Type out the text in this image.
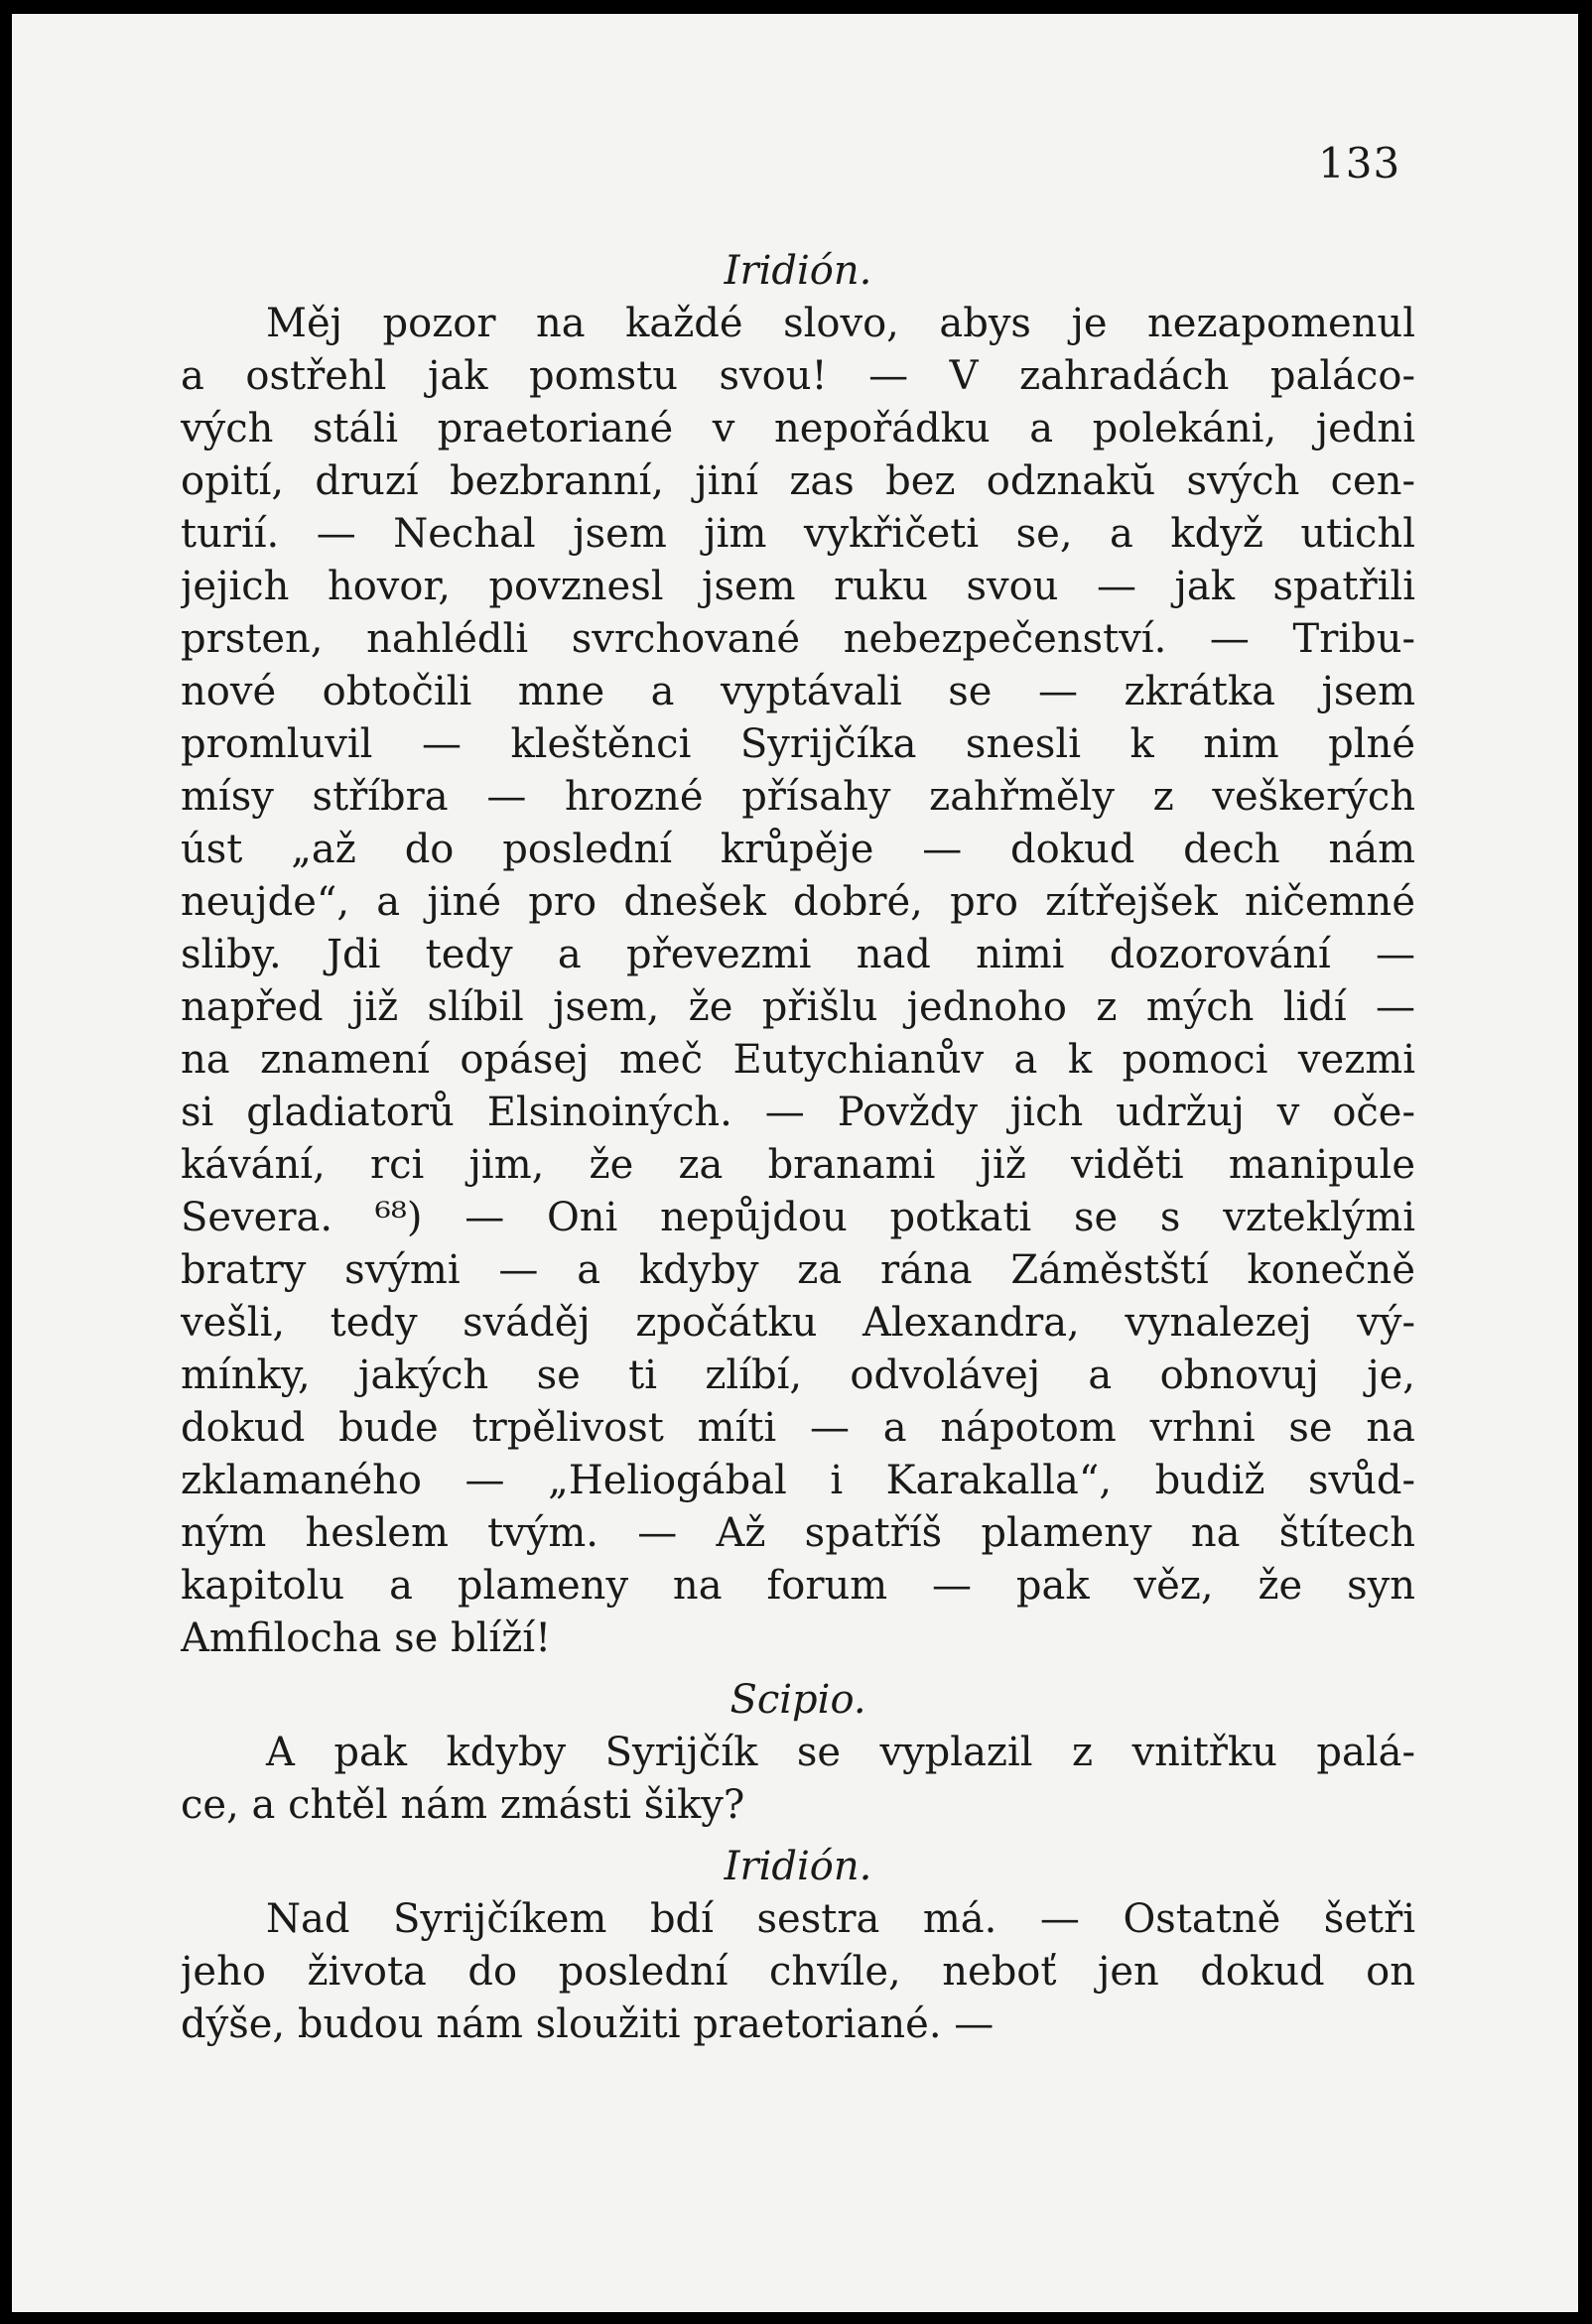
133

Iridión.

Měj pozor na každé slovo, abys je nezapomenul
a ostřehl jak pomstu svou! — V zahradách paláco-
vých stáli praetoriané v nepořádku a polekáni, jedni
opití, druzí bezbranní, jiní zas bez odznakŭ svých cen-
turií. — Nechal jsem jim vykřičeti se, a když utichl
jejich hovor, povznesl jsem ruku svou — jak spatřili
prsten, nahlédli svrchované nebezpečenství. — Tribu-
nové obtočili mne a vyptávali se — zkrátka jsem
promluvil — kleštěnci Syrijčíka snesli k nim plné
mísy stříbra — hrozné přísahy zahřměly z veškerých
úst „až do poslední krůpěje — dokud dech nám
neujde“, a jiné pro dnešek dobré, pro zítřejšek ničemné
sliby. Jdi tedy a převezmi nad nimi dozorování —
napřed již slíbil jsem, že přišlu jednoho z mých lidí —
na znamení opásej meč Eutychianův a k pomoci vezmi
si gladiatorů Elsinoiných. — Povždy jich udržuj v oče-
kávání, rci jim, že za branami již viděti manipule
Severa. ⁶⁸) — Oni nepůjdou potkati se s vzteklými
bratry svými — a kdyby za rána Záměstští konečně
vešli, tedy sváděj zpočátku Alexandra, vynalezej vý-
mínky, jakých se ti zlíbí, odvolávej a obnovuj je,
dokud bude trpělivost míti — a nápotom vrhni se na
zklamaného — „Heliogábal i Karakalla“, budiž svůd-
ným heslem tvým. — Až spatříš plameny na štítech
kapitolu a plameny na forum — pak věz, že syn
Amfilocha se blíží!

Scipio.

A pak kdyby Syrijčík se vyplazil z vnitřku palá-
ce, a chtěl nám zmásti šiky?

Iridión.

Nad Syrijčíkem bdí sestra má. — Ostatně šetři
jeho života do poslední chvíle, neboť jen dokud on
dýše, budou nám sloužiti praetoriané. —
